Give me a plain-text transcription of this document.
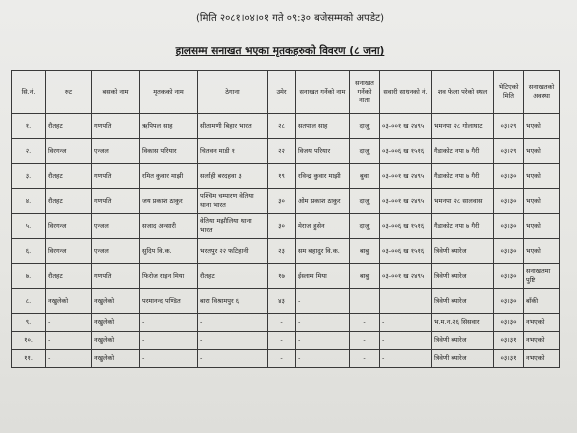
(मिति २०८१।०४।०१ गते ०९:३० बजेसम्मको अपडेट)
हालसम्म सनाखत भएका मृतकहरुको विवरण (८ जना)
सि.नं.	रुट	बसको नाम	मृतकको नाम	ठेगाना	उमेर	सनाखत गर्नेको नाम	सनाखत गर्नेको नाता	सवारी साधनको नं.	शव फेला परेको स्थल	भेटिएको मिति	सनाखतको अवस्था
१.	रौतहट	गणपति	ऋपिपल साह	सीतामणी बिहार भारत	२८	सतपाल साह	दाजु	०३-००१ ख २४९५	भमनपा २८ गोलाघाट	०३।२९	भएको
२.	विरगन्ज	एन्जल	विकास परियार	चितवन माडी १	२२	विजय परियार	दाजु	०३-००६ ख १५१६	गैडाकोट नपा ७ गैरी	०३।२९	भएको
३.	रौतहट	गणपति	रमित कुवार माझी	सर्लाही बरदहवा ३	१९	रविन्द्र कुवार माझी	बुवा	०३-००१ ख २४९५	गैडाकोट नपा ७ गैरी	०३।३०	भएको
४.	रौतहट	गणपति	जय प्रकाश ठाकुर	पश्चिम चम्पारण वेतिया थाना भारत	३०	ओम प्रकाश ठाकुर	दाजु	०३-००१ ख २४९५	भमनपा २८ सालवास	०३।३०	भएको
५.	विरगन्ज	एन्जल	सजाद अन्सारी	वेतिया मझौलिया थाना भारत	३०	मेराज हुसेन	दाजु	०३-००६ ख १५१६	गैडाकोट नपा ७ गैरी	०३।३०	भएको
६.	विरगन्ज	एन्जल	सुदिप वि.क.	भरतपुर २२ फटिहानी	२३	सम बहादुर वि.क.	बाबु	०३-००६ ख १५१६	त्रिवेणी ब्यारेज	०३।३०	भएको
७.	रौतहट	गणपति	फिरोज राइन मिया	रौतहट	१७	ईस्लाम मिया	बाबु	०३-००१ ख २४९५	त्रिवेणी ब्यारेज	०३।३०	सनाखतमा पुष्टि
८.	नखुलेको	नखुलेको	परमानन्द पण्डित	बारा विश्रामपुर ६	४३	-			त्रिवेणी ब्यारेज	०३।३०	बाँकी
९.	-	नखुलेको	-	-	-	-	-	-	भ.म.न.२६ सिसवार	०३।३०	नभएको
१०.	-	नखुलेको	-	-	-	-	-	-	त्रिवेणी ब्यारेज	०३।३१	नभएको
११.	-	नखुलेको	-	-	-	-	-	-	त्रिवेणी ब्यारेज	०३।३१	नभएको
